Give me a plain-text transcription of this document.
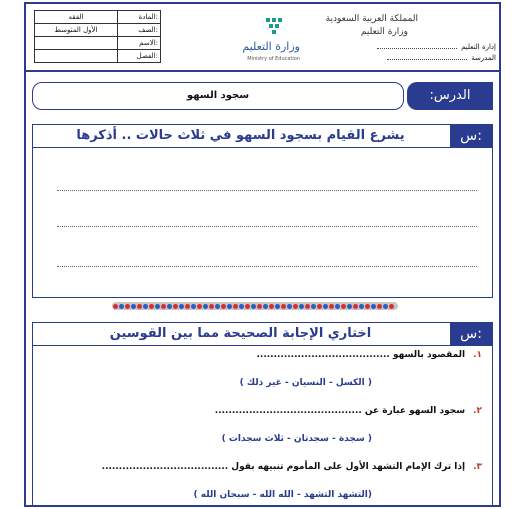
الفقه	المادة:
الأول المتوسط	الصف:
	الاسم:
	الفصل:
وزارة التعليم
Ministry of Education
المملكة العربية السعودية
وزارة التعليم
إدارة التعليم
المدرسة
سجود السهو	الدرس:
يشرع القيام بسجود السهو في ثلاث حالات .. أذكرها	س:
اختاري الإجابة الصحيحة مما بين القوسين	س:
١.المقصود بالسهو .......................................
( الكسل - النسيان - غير ذلك )
٢.سجود السهو عبارة عن ...........................................
( سجدة - سجدتان - ثلاث سجدات )
٣.إذا ترك الإمام التشهد الأول على المأموم تنبيهه بقول .....................................
(التشهد التشهد - الله الله - سبحان الله )
